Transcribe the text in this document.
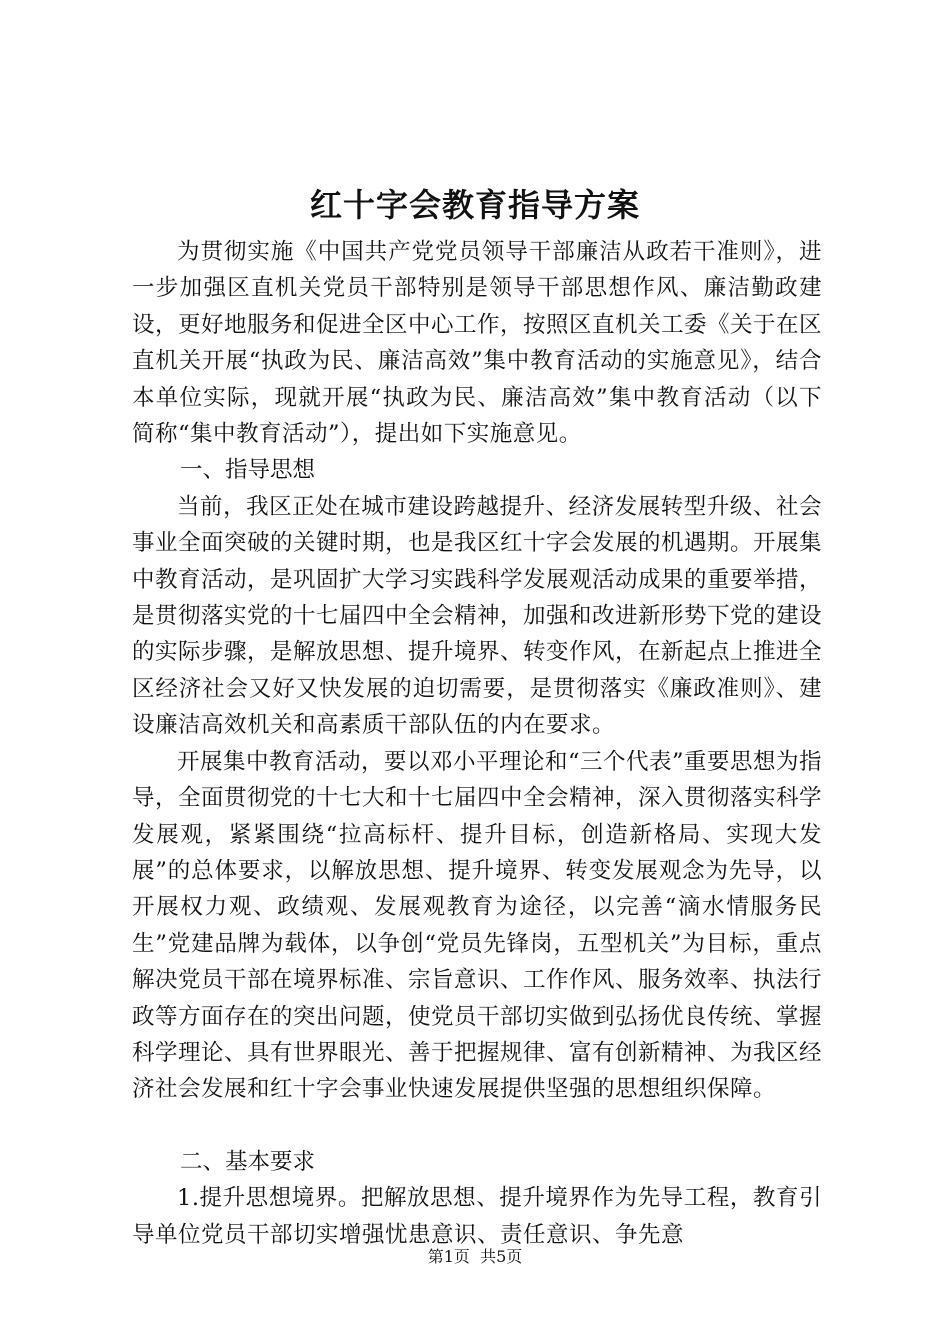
红十字会教育指导方案

为贯彻实施《中国共产党党员领导干部廉洁从政若干准则》，进一步加强区直机关党员干部特别是领导干部思想作风、廉洁勤政建设，更好地服务和促进全区中心工作，按照区直机关工委《关于在区直机关开展“执政为民、廉洁高效”集中教育活动的实施意见》，结合本单位实际，现就开展“执政为民、廉洁高效”集中教育活动（以下简称“集中教育活动”），提出如下实施意见。

一、指导思想

当前，我区正处在城市建设跨越提升、经济发展转型升级、社会事业全面突破的关键时期，也是我区红十字会发展的机遇期。开展集中教育活动，是巩固扩大学习实践科学发展观活动成果的重要举措，是贯彻落实党的十七届四中全会精神，加强和改进新形势下党的建设的实际步骤，是解放思想、提升境界、转变作风，在新起点上推进全区经济社会又好又快发展的迫切需要，是贯彻落实《廉政准则》、建设廉洁高效机关和高素质干部队伍的内在要求。

开展集中教育活动，要以邓小平理论和“三个代表”重要思想为指导，全面贯彻党的十七大和十七届四中全会精神，深入贯彻落实科学发展观，紧紧围绕“拉高标杆、提升目标，创造新格局、实现大发展”的总体要求，以解放思想、提升境界、转变发展观念为先导，以开展权力观、政绩观、发展观教育为途径，以完善“滴水情服务民生”党建品牌为载体，以争创“党员先锋岗，五型机关”为目标，重点解决党员干部在境界标准、宗旨意识、工作作风、服务效率、执法行政等方面存在的突出问题，使党员干部切实做到弘扬优良传统、掌握科学理论、具有世界眼光、善于把握规律、富有创新精神、为我区经济社会发展和红十字会事业快速发展提供坚强的思想组织保障。

二、基本要求

1.提升思想境界。把解放思想、提升境界作为先导工程，教育引导单位党员干部切实增强忧患意识、责任意识、争先意

第1页 共5页
